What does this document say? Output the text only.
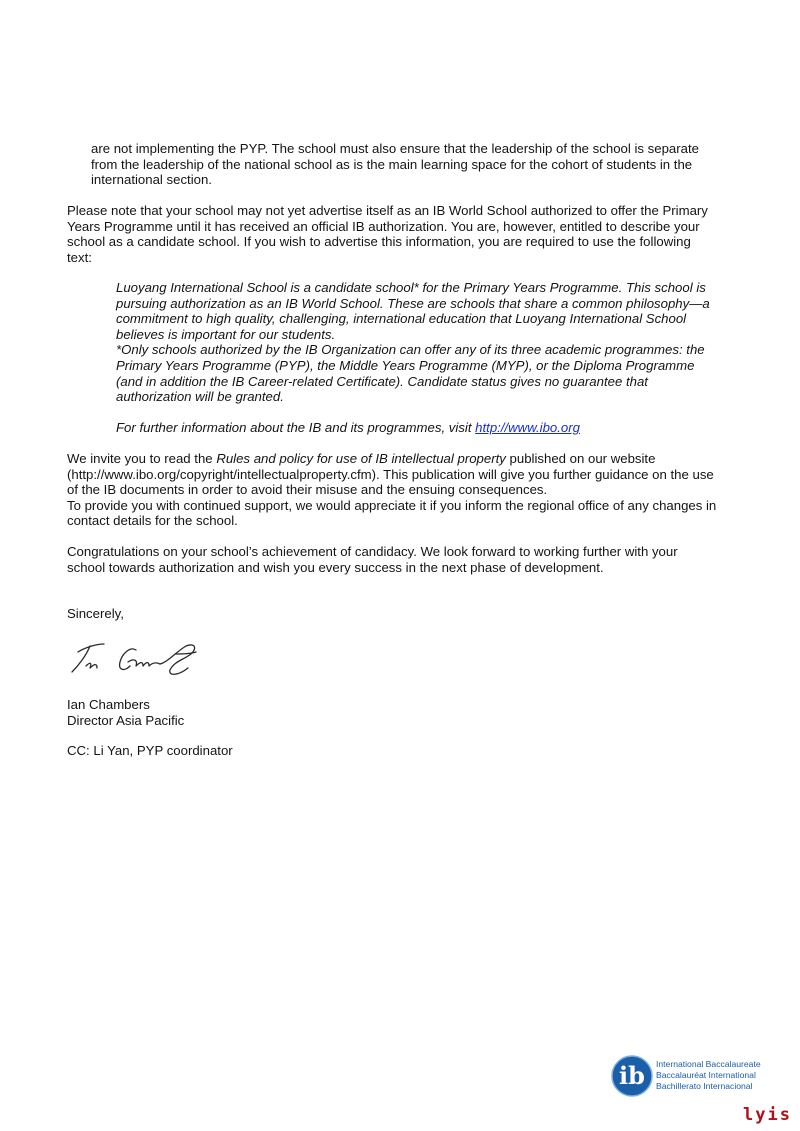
are not implementing the PYP. The school must also ensure that the leadership of the school is separate from the leadership of the national school as is the main learning space for the cohort of students in the international section.

Please note that your school may not yet advertise itself as an IB World School authorized to offer the Primary Years Programme until it has received an official IB authorization. You are, however, entitled to describe your school as a candidate school. If you wish to advertise this information, you are required to use the following text:

Luoyang International School is a candidate school* for the Primary Years Programme. This school is pursuing authorization as an IB World School. These are schools that share a common philosophy—a commitment to high quality, challenging, international education that Luoyang International School believes is important for our students.

*Only schools authorized by the IB Organization can offer any of its three academic programmes: the Primary Years Programme (PYP), the Middle Years Programme (MYP), or the Diploma Programme (and in addition the IB Career-related Certificate). Candidate status gives no guarantee that authorization will be granted.

For further information about the IB and its programmes, visit http://www.ibo.org

We invite you to read the Rules and policy for use of IB intellectual property published on our website (http://www.ibo.org/copyright/intellectualproperty.cfm). This publication will give you further guidance on the use of the IB documents in order to avoid their misuse and the ensuing consequences.

To provide you with continued support, we would appreciate it if you inform the regional office of any changes in contact details for the school.

Congratulations on your school’s achievement of candidacy. We look forward to working further with your school towards authorization and wish you every success in the next phase of development.

Sincerely,

Ian Chambers

Director Asia Pacific

CC: Li Yan, PYP coordinator

ib International Baccalaureate
Baccalauréat International
Bachillerato Internacional
lyis
